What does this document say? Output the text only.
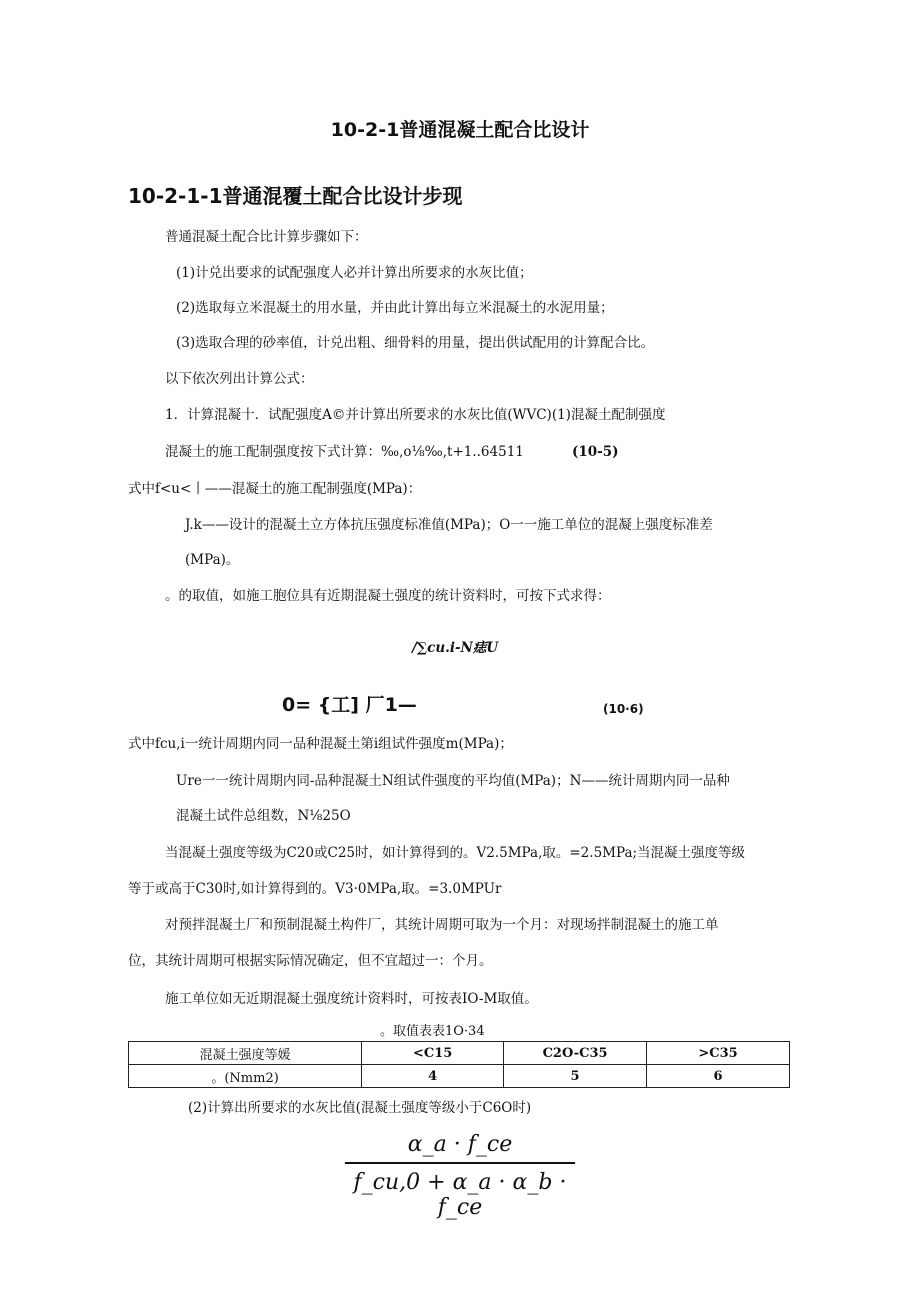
10-2-1普通混凝土配合比设计
10-2-1-1普通混覆土配合比设计步现
普通混凝土配合比计算步骤如下：
(1)计兑出要求的试配强度人必并计算出所要求的水灰比值；
(2)选取每立米混凝土的用水量，并由此计算出每立米混凝土的水泥用量；
(3)选取合理的砂率值，计兑出粗、细骨料的用量，提出供试配用的计算配合比。
以下依次列出计算公式：
1．计算混凝十．试配强度A©并计算出所要求的水灰比值(WVC)(1)混凝土配制强度
混凝土的施工配制强度按下式计算：‰,o⅛‰,t+1..64511	(10-5)
式中f<u<丨——混凝土的施工配制强度(MPa)：
J.k——设计的混凝土立方体抗压强度标准值(MPa)；O一一施工单位的混凝上强度标准差
(MPa)。
。的取值，如施工胞位具有近期混凝土强度的统计资料时，可按下式求得：
/∑cu.i-N痣U
0= {工] 厂1—	(10·6)
式中fcu,i一统计周期内同一品种混凝土第i组试件强度m(MPa)；
Ure一一统计周期内同-品种混凝土N组试件强度的平均值(MPa)；N——统计周期内同一品种
混凝土试件总组数，N⅛25O
当混凝土强度等级为C20或C25时，如计算得到的。V2.5MPa,取。=2.5MPa;当混凝土强度等级
等于或高于C30时,如计算得到的。V3·0MPa,取。=3.0MPUr
对预拌混凝土厂和预制混凝土构件厂，其统计周期可取为一个月：对现场拌制混凝土的施工单
位，其统计周期可根据实际情况确定，但不宜超过一：个月。
施工单位如无近期混凝土强度统计资料时，可按表IO-M取值。
。取值表表1O·34
混凝土强度等媛	<C15	C2O-C35	>C35
。(Nmm2)	4	5	6
(2)计算出所要求的水灰比值(混凝土强度等级小于C6O时)
α_a · f_ce
f_cu,0 + α_a · α_b · f_ce
